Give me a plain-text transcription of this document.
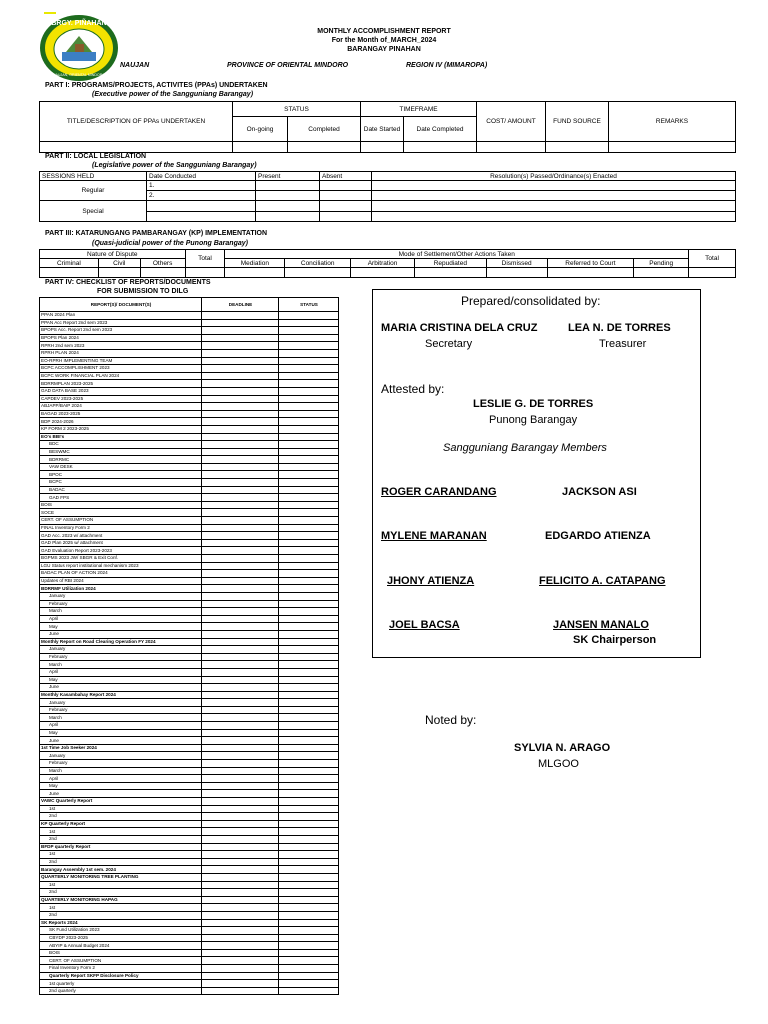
BRGY. PIÑAHAN
NAUJAN, ORIENTAL MINDORO
MONTHLY ACCOMPLISHMENT REPORT
For the Month of_MARCH_2024
BARANGAY PINAHAN
NAUJAN	PROVINCE OF ORIENTAL MINDORO	REGION IV (MIMAROPA)
PART I: PROGRAMS/PROJECTS, ACTIVITES (PPAs) UNDERTAKEN
(Executive power of the Sangguniang Barangay)
TITLE/DESCRIPTION OF PPAs UNDERTAKEN	STATUS		TIMEFRAME		COST/ AMOUNT	FUND SOURCE	REMARKS
	On-going	Completed	Date Started	Date Completed			

PART II: LOCAL LEGISLATION
(Legislative power of the Sangguniang Barangay)
SESSIONS HELD	Date Conducted	Present	Absent	Resolution(s) Passed/Ordinance(s) Enacted
Regular	1.			
	2.			
Special				

PART III: KATARUNGANG PAMBARANGAY (KP) IMPLEMENTATION
(Quasi-judicial power of the Punong Barangay)
Nature of Dispute			Total	Mode of Settlement/Other Actions Taken							Total
Criminal	Civil	Others		Mediation	Conciliation	Arbitration	Repudiated	Dismissed	Referred to Court	Pending	

PART IV: CHECKLIST OF REPORTS/DOCUMENTS
FOR SUBMISSION TO DILG
REPORT(S)/ DOCUMENT(S)	DEADLINE	STATUS
PPAN 2024 Plan		
PPAN Acc Report 2nd sem 2023		
BPOPS Acc. Report 2nd sem 2023		
BPOPS Plan 2024		
RPRH 2nd sem 2023		
RPRH PLAN 2024		
EO-RPRH IMPLEMENTING TEAM		
BCPC ACCOMPLISHMENT 2023		
BCPC WORK FINANCIAL PLAN 2024		
BDRRMPLAN 2023-2025		
GAD DATA BASE 2023		
CAPDEV 2023-2025		
ABJAPP/BAIP 2024		
BAGAD 2023-2025		
BDP 2024-2026		
KP FORM 2 2023-2025		
EO's BBI's		
BDC		
BESWMC		
BDRRMC		
VAW DESK		
BPOC		
BCPC		
BADAC		
GAD FPS		
BOIS		
SOCE		
CERT. OF ASSUMPTION		
FINAL Inventory Form 2		
GAD Acc. 2023 w/ attachment		
GAD Plan 2025 w/ attachment		
GAD Evaluation Report 2023-2023		
BGPMS 2023 JW/ SBGR & Exit Conf.		
LGU Status report institutional mechanism 2023		
BADAC PLAN OF ACTION 2024		
Updates of RBI 2024		
BDRRMF Utilization 2024		
January		
February		
March		
April		
May		
June		
Monthly Report on Road Clearing Operation FY 2024		
January		
February		
March		
April		
May		
June		
Monthly Kasambahay Report 2024		
January		
February		
March		
April		
May		
June		
1st Time Job Seeker 2024		
January		
February		
March		
April		
May		
June		
VAWC Quarterly Report		
1st		
2nd		
KP Quarterly Report		
1st		
2nd		
BFDP quarterly Report		
1st		
2nd		
Barangay Assembly 1st sem. 2024		
QUARTERLY MONITORING TREE PLANTING		
1st		
2nd		
QUARTERLY MONITORING HAPAG		
1st		
2nd		
SK Reports 2024		
SK Fund Utilization 2023		
CBYDP 2023-2025		
ABYIP & Annual Budget 2024		
BOIS		
CERT. OF ASSUMPTION		
Final Inventory Form 2		
Quarterly Report SKFP Disclosure Policy		
1st quarterly		
2nd quarterly		
Prepared/consolidated by:
MARIA CRISTINA DELA CRUZ
Secretary
LEA N. DE TORRES
Treasurer
Attested by:
LESLIE G. DE TORRES
Punong Barangay
Sangguniang Barangay Members
ROGER CARANDANG	JACKSON ASI
MYLENE MARANAN	EDGARDO ATIENZA
JHONY ATIENZA	FELICITO A. CATAPANG
JOEL BACSA	JANSEN MANALO
SK Chairperson
Noted by:
SYLVIA N. ARAGO
MLGOO
